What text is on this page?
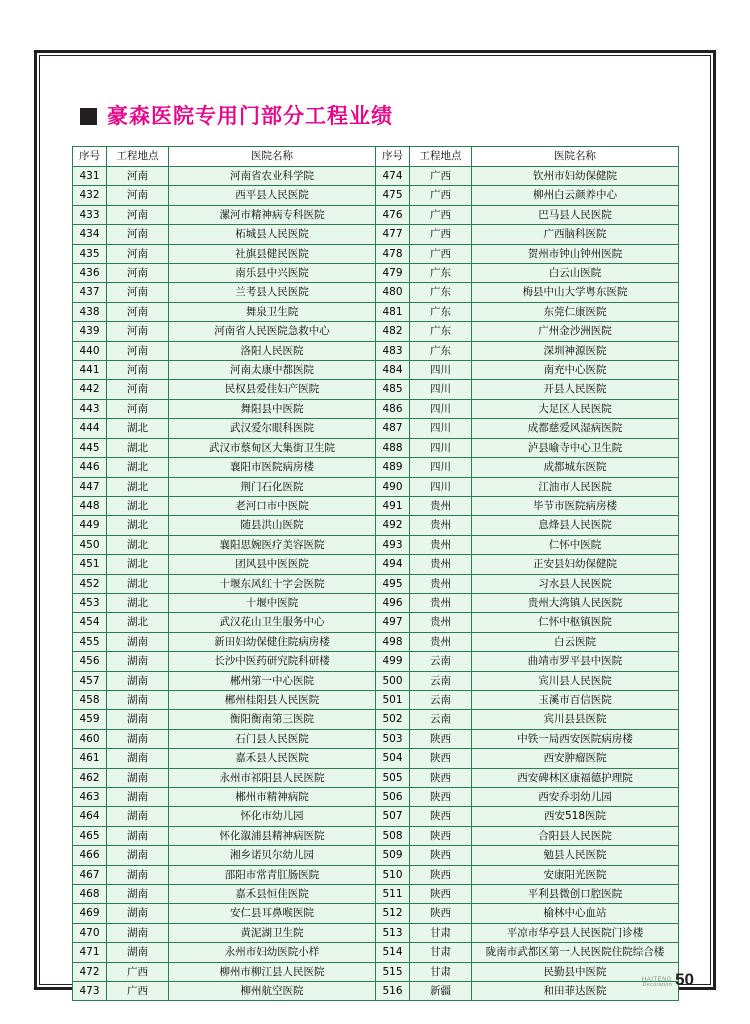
豪森医院专用门部分工程业绩
序号	工程地点	医院名称	序号	工程地点	医院名称
431	河南	河南省农业科学院	474	广西	钦州市妇幼保健院
432	河南	西平县人民医院	475	广西	柳州白云颜养中心
433	河南	漯河市精神病专科医院	476	广西	巴马县人民医院
434	河南	柘城县人民医院	477	广西	广西脑科医院
435	河南	社旗县健民医院	478	广西	贺州市钟山钟州医院
436	河南	南乐县中兴医院	479	广东	白云山医院
437	河南	兰考县人民医院	480	广东	梅县中山大学粤东医院
438	河南	舞泉卫生院	481	广东	东莞仁康医院
439	河南	河南省人民医院急救中心	482	广东	广州金沙洲医院
440	河南	洛阳人民医院	483	广东	深圳神源医院
441	河南	河南太康中都医院	484	四川	南充中心医院
442	河南	民权县爱佳妇产医院	485	四川	开县人民医院
443	河南	舞阳县中医院	486	四川	大足区人民医院
444	湖北	武汉爱尔眼科医院	487	四川	成都慈爱风湿病医院
445	湖北	武汉市蔡甸区大集街卫生院	488	四川	泸县喻寺中心卫生院
446	湖北	襄阳市医院病房楼	489	四川	成都城东医院
447	湖北	荆门石化医院	490	四川	江油市人民医院
448	湖北	老河口市中医院	491	贵州	毕节市医院病房楼
449	湖北	随县洪山医院	492	贵州	息烽县人民医院
450	湖北	襄阳思婉医疗美容医院	493	贵州	仁怀中医院
451	湖北	团风县中医医院	494	贵州	正安县妇幼保健院
452	湖北	十堰东风红十字会医院	495	贵州	习水县人民医院
453	湖北	十堰中医院	496	贵州	贵州大湾镇人民医院
454	湖北	武汉花山卫生服务中心	497	贵州	仁怀中枢镇医院
455	湖南	新田妇幼保健住院病房楼	498	贵州	白云医院
456	湖南	长沙中医药研究院科研楼	499	云南	曲靖市罗平县中医院
457	湖南	郴州第一中心医院	500	云南	宾川县人民医院
458	湖南	郴州桂阳县人民医院	501	云南	玉溪市百信医院
459	湖南	衡阳衡南第三医院	502	云南	宾川县县医院
460	湖南	石门县人民医院	503	陕西	中铁一局西安医院病房楼
461	湖南	嘉禾县人民医院	504	陕西	西安肿瘤医院
462	湖南	永州市祁阳县人民医院	505	陕西	西安碑林区康福德护理院
463	湖南	郴州市精神病院	506	陕西	西安乔羽幼儿园
464	湖南	怀化市幼儿园	507	陕西	西安518医院
465	湖南	怀化溆浦县精神病医院	508	陕西	合阳县人民医院
466	湖南	湘乡诺贝尔幼儿园	509	陕西	勉县人民医院
467	湖南	邵阳市常青肛肠医院	510	陕西	安康阳光医院
468	湖南	嘉禾县恒佳医院	511	陕西	平利县微创口腔医院
469	湖南	安仁县耳鼻喉医院	512	陕西	榆林中心血站
470	湖南	黄泥湖卫生院	513	甘肃	平凉市华亭县人民医院门诊楼
471	湖南	永州市妇幼医院小样	514	甘肃	陇南市武都区第一人民医院住院综合楼
472	广西	柳州市柳江县人民医院	515	甘肃	民勤县中医院
473	广西	柳州航空医院	516	新疆	和田菲达医院
HAITENG
Decoration 50
